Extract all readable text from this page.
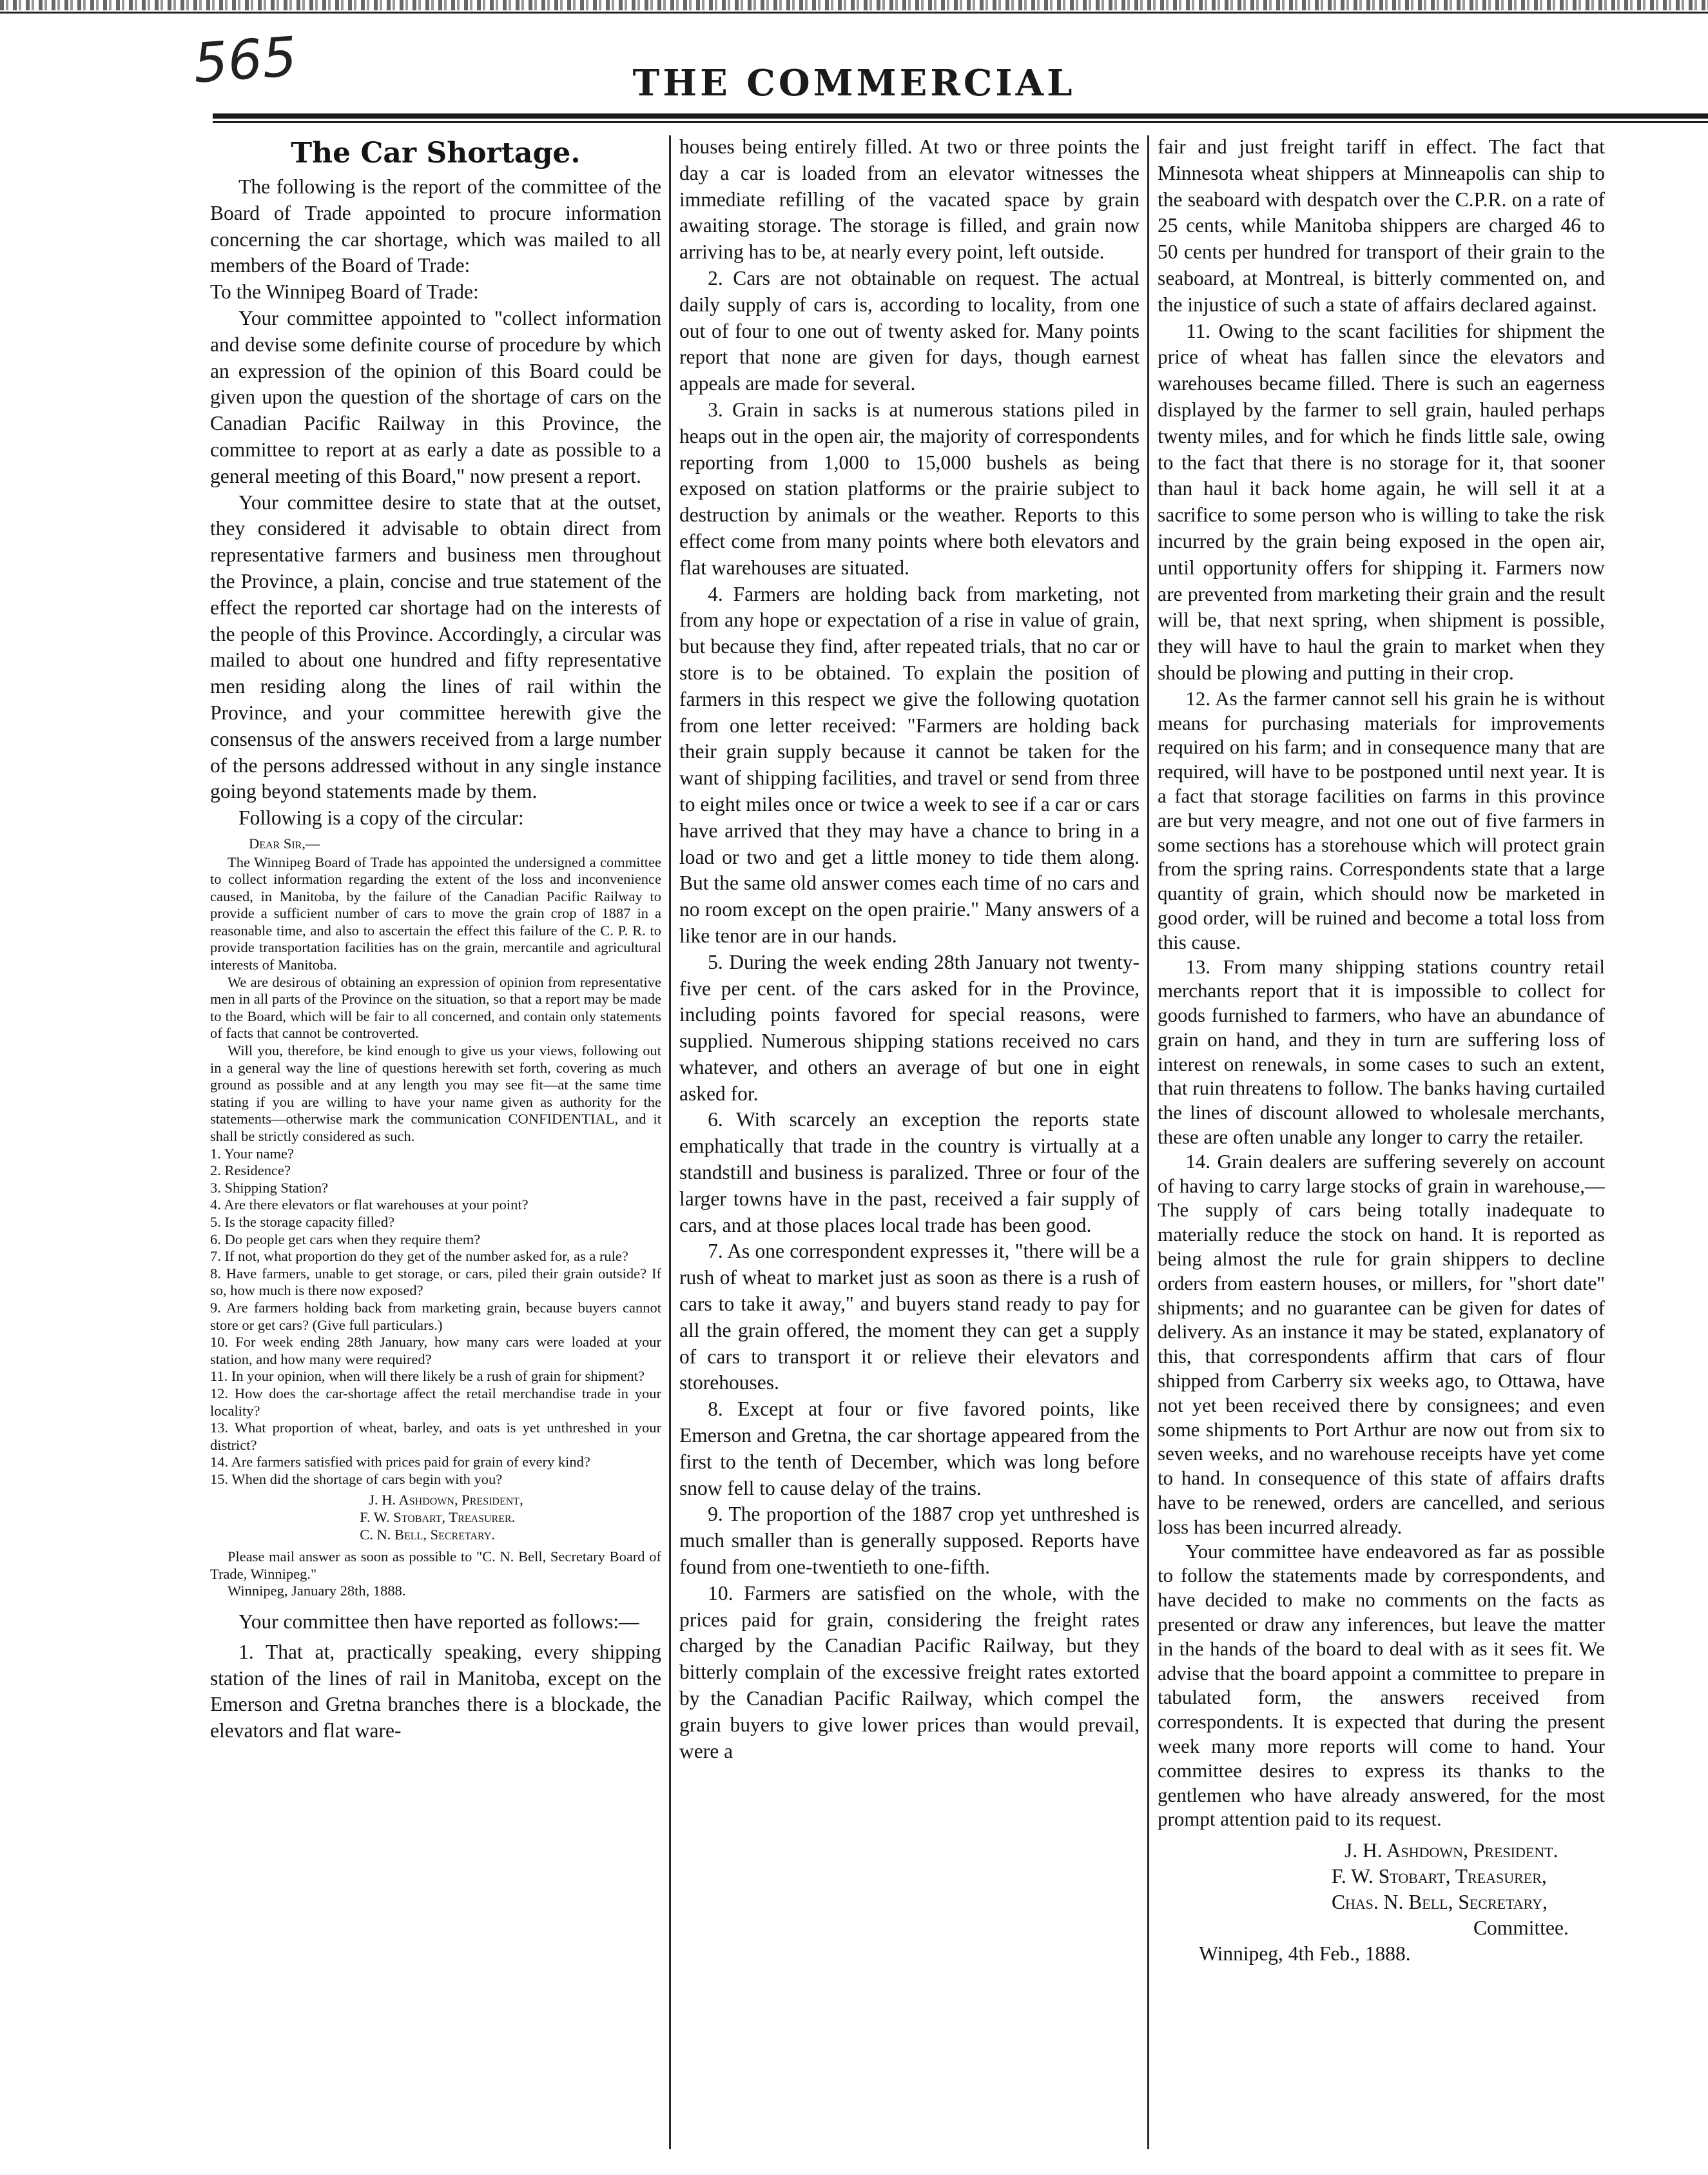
565	THE COMMERCIAL
The Car Shortage.

The following is the report of the committee of the Board of Trade appointed to procure information concerning the car shortage, which was mailed to all members of the Board of Trade:

To the Winnipeg Board of Trade:

Your committee appointed to "collect information and devise some definite course of procedure by which an expression of the opinion of this Board could be given upon the question of the shortage of cars on the Canadian Pacific Railway in this Province, the committee to report at as early a date as possible to a general meeting of this Board," now present a report.

Your committee desire to state that at the outset, they considered it advisable to obtain direct from representative farmers and business men throughout the Province, a plain, concise and true statement of the effect the reported car shortage had on the interests of the people of this Province. Accordingly, a circular was mailed to about one hundred and fifty representative men residing along the lines of rail within the Province, and your committee herewith give the consensus of the answers received from a large number of the persons addressed without in any single instance going beyond statements made by them.

Following is a copy of the circular:

Dear Sir,—

The Winnipeg Board of Trade has appointed the undersigned a committee to collect information regarding the extent of the loss and inconvenience caused, in Manitoba, by the failure of the Canadian Pacific Railway to provide a sufficient number of cars to move the grain crop of 1887 in a reasonable time, and also to ascertain the effect this failure of the C. P. R. to provide transportation facilities has on the grain, mercantile and agricultural interests of Manitoba.

We are desirous of obtaining an expression of opinion from representative men in all parts of the Province on the situation, so that a report may be made to the Board, which will be fair to all concerned, and contain only statements of facts that cannot be controverted.

Will you, therefore, be kind enough to give us your views, following out in a general way the line of questions herewith set forth, covering as much ground as possible and at any length you may see fit—at the same time stating if you are willing to have your name given as authority for the statements—otherwise mark the communication CONFIDENTIAL, and it shall be strictly considered as such.

1. Your name?

2. Residence?

3. Shipping Station?

4. Are there elevators or flat warehouses at your point?

5. Is the storage capacity filled?

6. Do people get cars when they require them?

7. If not, what proportion do they get of the number asked for, as a rule?

8. Have farmers, unable to get storage, or cars, piled their grain outside? If so, how much is there now exposed?

9. Are farmers holding back from marketing grain, because buyers cannot store or get cars? (Give full particulars.)

10. For week ending 28th January, how many cars were loaded at your station, and how many were required?

11. In your opinion, when will there likely be a rush of grain for shipment?

12. How does the car-shortage affect the retail merchandise trade in your locality?

13. What proportion of wheat, barley, and oats is yet unthreshed in your district?

14. Are farmers satisfied with prices paid for grain of every kind?

15. When did the shortage of cars begin with you?

J. H. Ashdown, President,
F. W. Stobart, Treasurer.
C. N. Bell, Secretary.

Please mail answer as soon as possible to "C. N. Bell, Secretary Board of Trade, Winnipeg."

Winnipeg, January 28th, 1888.

Your committee then have reported as follows:—

1. That at, practically speaking, every shipping station of the lines of rail in Manitoba, except on the Emerson and Gretna branches there is a blockade, the elevators and flat ware-

houses being entirely filled. At two or three points the day a car is loaded from an elevator witnesses the immediate refilling of the vacated space by grain awaiting storage. The storage is filled, and grain now arriving has to be, at nearly every point, left outside.

2. Cars are not obtainable on request. The actual daily supply of cars is, according to locality, from one out of four to one out of twenty asked for. Many points report that none are given for days, though earnest appeals are made for several.

3. Grain in sacks is at numerous stations piled in heaps out in the open air, the majority of correspondents reporting from 1,000 to 15,000 bushels as being exposed on station platforms or the prairie subject to destruction by animals or the weather. Reports to this effect come from many points where both elevators and flat warehouses are situated.

4. Farmers are holding back from marketing, not from any hope or expectation of a rise in value of grain, but because they find, after repeated trials, that no car or store is to be obtained. To explain the position of farmers in this respect we give the following quotation from one letter received: "Farmers are holding back their grain supply because it cannot be taken for the want of shipping facilities, and travel or send from three to eight miles once or twice a week to see if a car or cars have arrived that they may have a chance to bring in a load or two and get a little money to tide them along. But the same old answer comes each time of no cars and no room except on the open prairie." Many answers of a like tenor are in our hands.

5. During the week ending 28th January not twenty-five per cent. of the cars asked for in the Province, including points favored for special reasons, were supplied. Numerous shipping stations received no cars whatever, and others an average of but one in eight asked for.

6. With scarcely an exception the reports state emphatically that trade in the country is virtually at a standstill and business is paralized. Three or four of the larger towns have in the past, received a fair supply of cars, and at those places local trade has been good.

7. As one correspondent expresses it, "there will be a rush of wheat to market just as soon as there is a rush of cars to take it away," and buyers stand ready to pay for all the grain offered, the moment they can get a supply of cars to transport it or relieve their elevators and storehouses.

8. Except at four or five favored points, like Emerson and Gretna, the car shortage appeared from the first to the tenth of December, which was long before snow fell to cause delay of the trains.

9. The proportion of the 1887 crop yet unthreshed is much smaller than is generally supposed. Reports have found from one-twentieth to one-fifth.

10. Farmers are satisfied on the whole, with the prices paid for grain, considering the freight rates charged by the Canadian Pacific Railway, but they bitterly complain of the excessive freight rates extorted by the Canadian Pacific Railway, which compel the grain buyers to give lower prices than would prevail, were a

fair and just freight tariff in effect. The fact that Minnesota wheat shippers at Minneapolis can ship to the seaboard with despatch over the C.P.R. on a rate of 25 cents, while Manitoba shippers are charged 46 to 50 cents per hundred for transport of their grain to the seaboard, at Montreal, is bitterly commented on, and the injustice of such a state of affairs declared against.

11. Owing to the scant facilities for shipment the price of wheat has fallen since the elevators and warehouses became filled. There is such an eagerness displayed by the farmer to sell grain, hauled perhaps twenty miles, and for which he finds little sale, owing to the fact that there is no storage for it, that sooner than haul it back home again, he will sell it at a sacrifice to some person who is willing to take the risk incurred by the grain being exposed in the open air, until opportunity offers for shipping it. Farmers now are prevented from marketing their grain and the result will be, that next spring, when shipment is possible, they will have to haul the grain to market when they should be plowing and putting in their crop.

12. As the farmer cannot sell his grain he is without means for purchasing materials for improvements required on his farm; and in consequence many that are required, will have to be postponed until next year. It is a fact that storage facilities on farms in this province are but very meagre, and not one out of five farmers in some sections has a storehouse which will protect grain from the spring rains. Correspondents state that a large quantity of grain, which should now be marketed in good order, will be ruined and become a total loss from this cause.

13. From many shipping stations country retail merchants report that it is impossible to collect for goods furnished to farmers, who have an abundance of grain on hand, and they in turn are suffering loss of interest on renewals, in some cases to such an extent, that ruin threatens to follow. The banks having curtailed the lines of discount allowed to wholesale merchants, these are often unable any longer to carry the retailer.

14. Grain dealers are suffering severely on account of having to carry large stocks of grain in warehouse,—The supply of cars being totally inadequate to materially reduce the stock on hand. It is reported as being almost the rule for grain shippers to decline orders from eastern houses, or millers, for "short date" shipments; and no guarantee can be given for dates of delivery. As an instance it may be stated, explanatory of this, that correspondents affirm that cars of flour shipped from Carberry six weeks ago, to Ottawa, have not yet been received there by consignees; and even some shipments to Port Arthur are now out from six to seven weeks, and no warehouse receipts have yet come to hand. In consequence of this state of affairs drafts have to be renewed, orders are cancelled, and serious loss has been incurred already.

Your committee have endeavored as far as possible to follow the statements made by correspondents, and have decided to make no comments on the facts as presented or draw any inferences, but leave the matter in the hands of the board to deal with as it sees fit. We advise that the board appoint a committee to prepare in tabulated form, the answers received from correspondents. It is expected that during the present week many more reports will come to hand. Your committee desires to express its thanks to the gentlemen who have already answered, for the most prompt attention paid to its request.

J. H. Ashdown, President.
F. W. Stobart, Treasurer,
Chas. N. Bell, Secretary,
Committee.

Winnipeg, 4th Feb., 1888.
